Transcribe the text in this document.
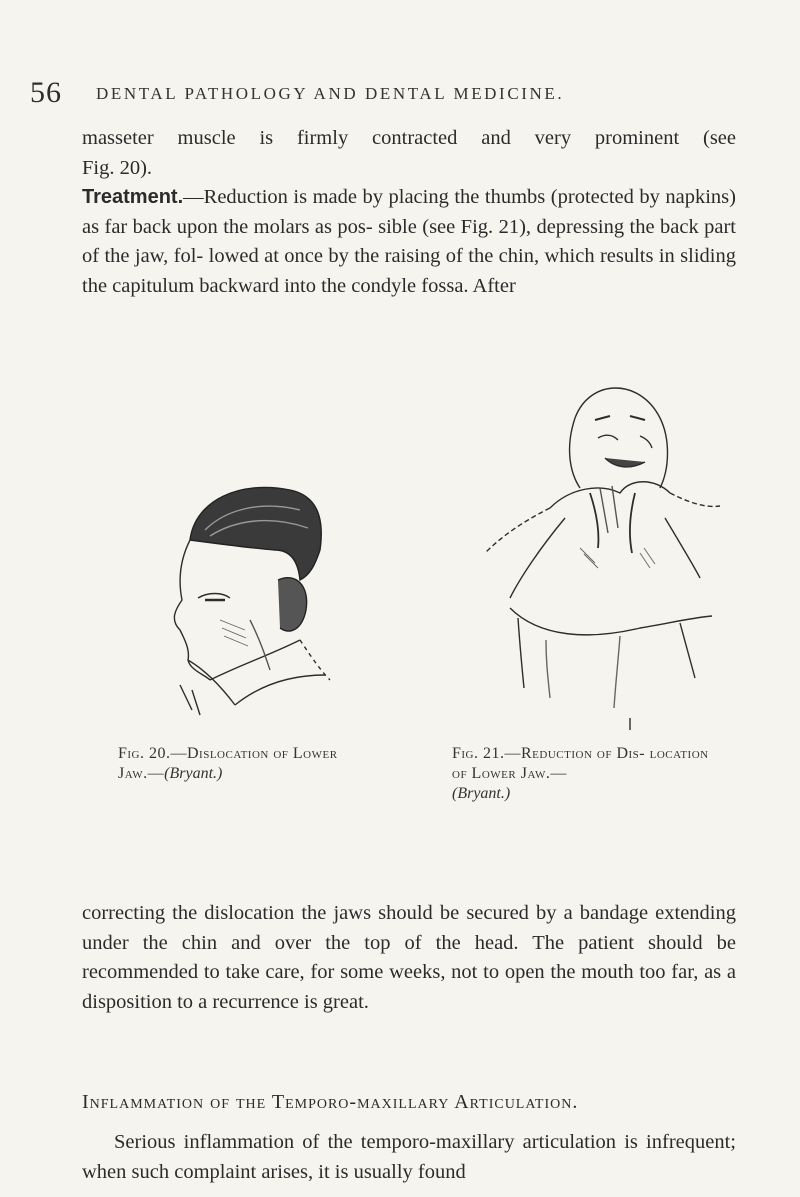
56 DENTAL PATHOLOGY AND DENTAL MEDICINE.

masseter muscle is firmly contracted and very prominent (see

Fig. 20).

Treatment.—Reduction is made by placing the thumbs (protected by napkins) as far back upon the molars as pos- sible (see Fig. 21), depressing the back part of the jaw, fol- lowed at once by the raising of the chin, which results in sliding the capitulum backward into the condyle fossa. After

Fig. 20.—Dislocation of Lower Jaw.—(Bryant.)
Fig. 21.—Reduction of Dis- location of Lower Jaw.—
(Bryant.)

correcting the dislocation the jaws should be secured by a bandage extending under the chin and over the top of the head. The patient should be recommended to take care, for some weeks, not to open the mouth too far, as a disposition to a recurrence is great.

Inflammation of the Temporo-maxillary Articulation.

Serious inflammation of the temporo-maxillary articulation is infrequent; when such complaint arises, it is usually found
